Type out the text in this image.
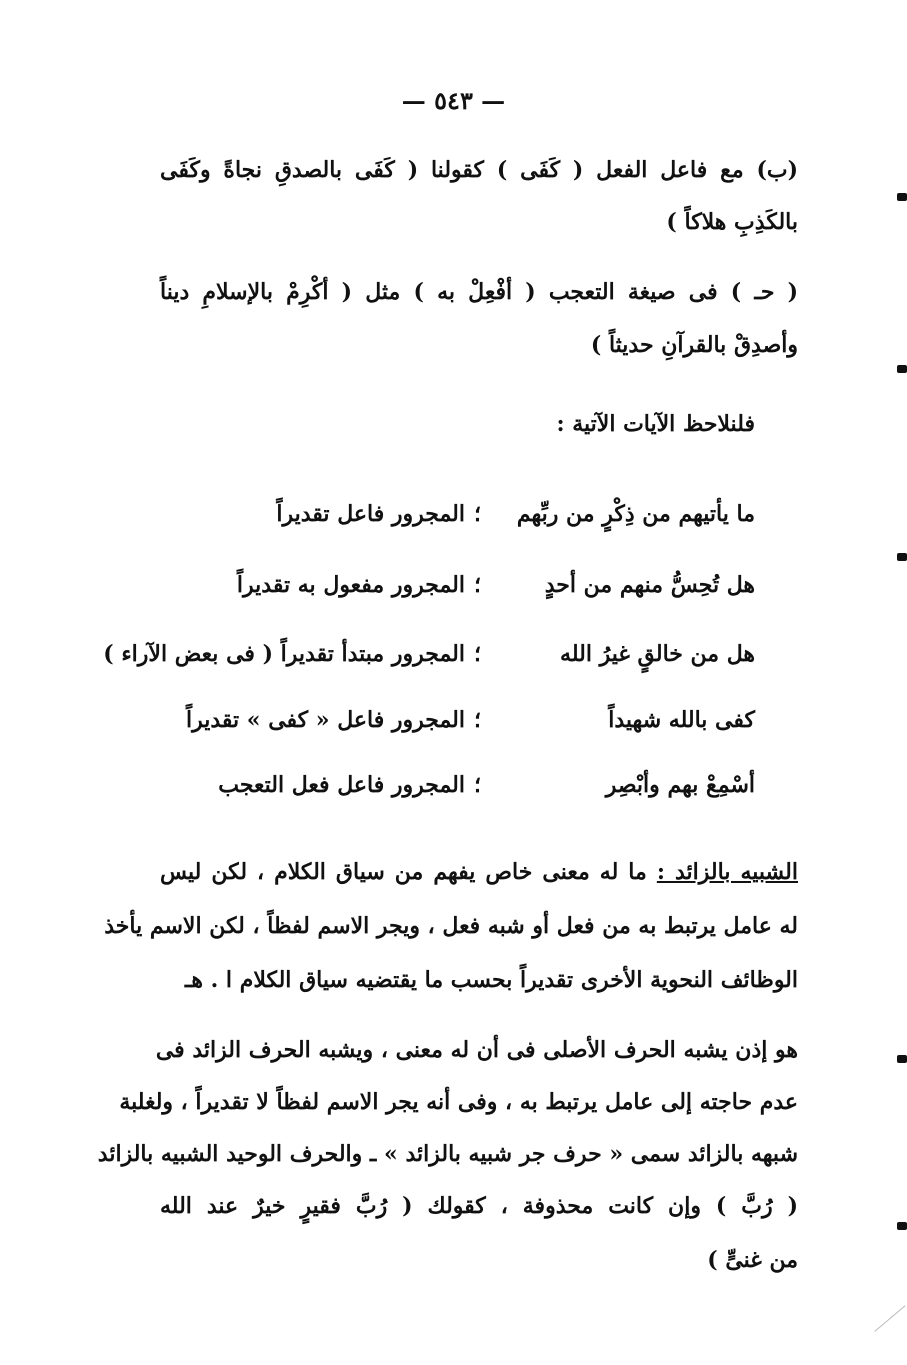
— ٥٤٣ —
(ب) مع فاعل الفعل ( كَفَى ) كقولنا ( كَفَى بالصدقِ نجاةً وكَفَى
بالكَذِبِ هلاكاً )
( حـ ) فى صيغة التعجب ( أفْعِلْ به ) مثل ( أكْرِمْ بالإسلامِ ديناً
وأصدِقْ بالقرآنِ حديثاً )
فلنلاحظ الآيات الآتية :
ما يأتيهم من ذِكْرٍ من ربِّهم
؛
المجرور فاعل تقديراً
هل تُحِسُّ منهم من أحدٍ
؛
المجرور مفعول به تقديراً
هل من خالقٍ غيرُ الله
؛
المجرور مبتدأ تقديراً ( فى بعض الآراء )
كفى بالله شهيداً
؛
المجرور فاعل « كفى » تقديراً
أسْمِعْ بهم وأبْصِر
؛
المجرور فاعل فعل التعجب
الشبيه بالزائد : ما له معنى خاص يفهم من سياق الكلام ، لكن ليس
له عامل يرتبط به من فعل أو شبه فعل ، ويجر الاسم لفظاً ، لكن الاسم يأخذ
الوظائف النحوية الأخرى تقديراً بحسب ما يقتضيه سياق الكلام ا . هـ
هو إذن يشبه الحرف الأصلى فى أن له معنى ، ويشبه الحرف الزائد فى
عدم حاجته إلى عامل يرتبط به ، وفى أنه يجر الاسم لفظاً لا تقديراً ، ولغلبة
شبهه بالزائد سمى « حرف جر شبيه بالزائد » ـ والحرف الوحيد الشبيه بالزائد
( رُبَّ ) وإن كانت محذوفة ، كقولك ( رُبَّ فقيرٍ خيرٌ عند الله
من غنىٍّ )
